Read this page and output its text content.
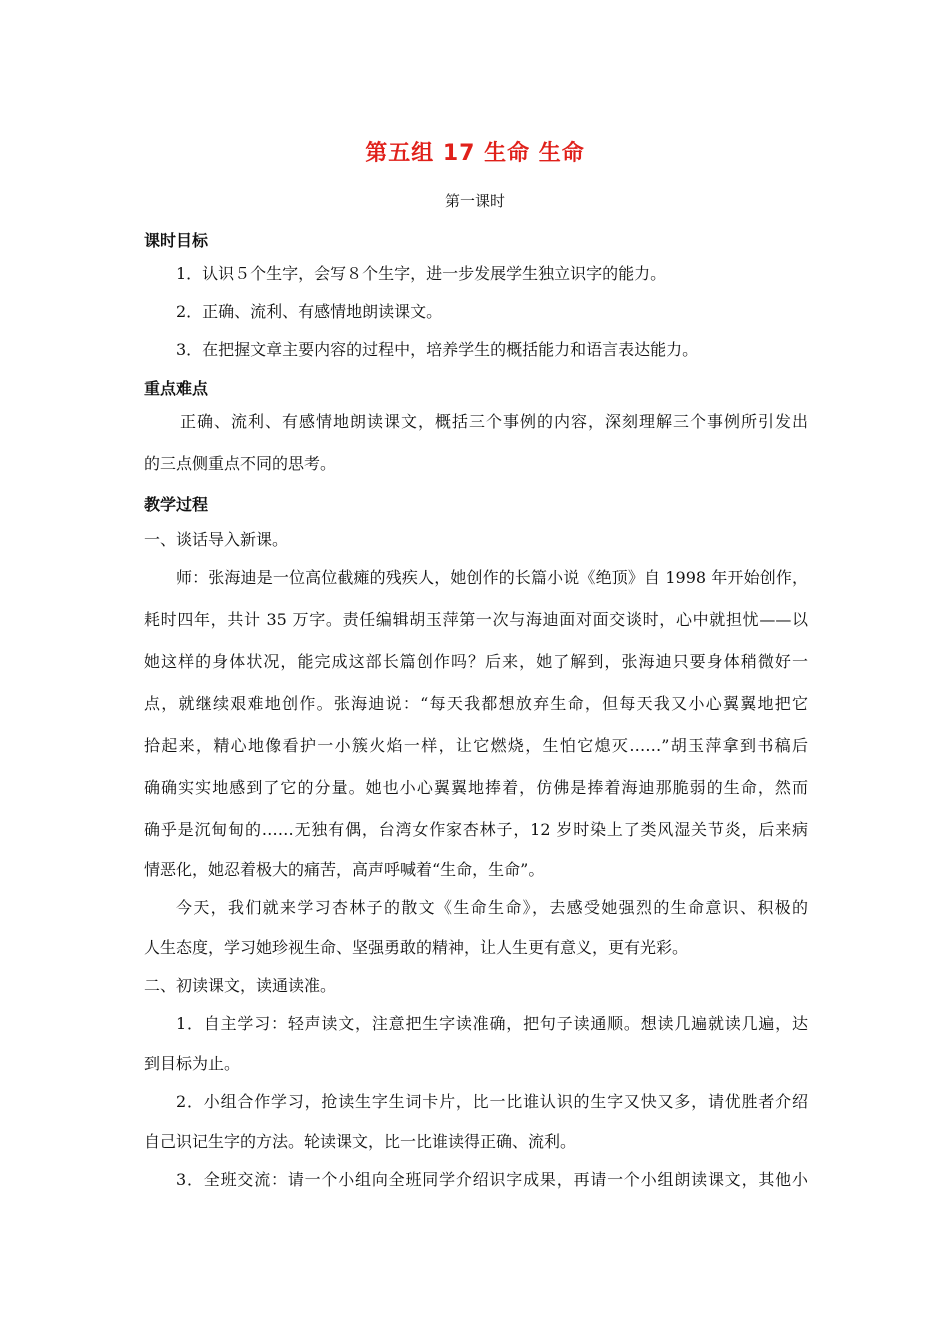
第五组 17 生命 生命
第一课时
课时目标
1．认识５个生字，会写８个生字，进一步发展学生独立识字的能力。
2．正确、流利、有感情地朗读课文。
3．在把握文章主要内容的过程中，培养学生的概括能力和语言表达能力。
重点难点
正确、流利、有感情地朗读课文，概括三个事例的内容，深刻理解三个事例所引发出
的三点侧重点不同的思考。
教学过程
一、谈话导入新课。
师：张海迪是一位高位截瘫的残疾人，她创作的长篇小说《绝顶》自 1998 年开始创作，
耗时四年，共计 35 万字。责任编辑胡玉萍第一次与海迪面对面交谈时，心中就担忧——以
她这样的身体状况，能完成这部长篇创作吗？后来，她了解到，张海迪只要身体稍微好一
点，就继续艰难地创作。张海迪说：“每天我都想放弃生命，但每天我又小心翼翼地把它
拾起来，精心地像看护一小簇火焰一样，让它燃烧，生怕它熄灭……”胡玉萍拿到书稿后
确确实实地感到了它的分量。她也小心翼翼地捧着，仿佛是捧着海迪那脆弱的生命，然而
确乎是沉甸甸的……无独有偶，台湾女作家杏林子，12 岁时染上了类风湿关节炎，后来病
情恶化，她忍着极大的痛苦，高声呼喊着“生命，生命”。
今天，我们就来学习杏林子的散文《生命生命》，去感受她强烈的生命意识、积极的
人生态度，学习她珍视生命、坚强勇敢的精神，让人生更有意义，更有光彩。
二、初读课文，读通读准。
1．自主学习：轻声读文，注意把生字读准确，把句子读通顺。想读几遍就读几遍，达
到目标为止。
2．小组合作学习，抢读生字生词卡片，比一比谁认识的生字又快又多，请优胜者介绍
自己识记生字的方法。轮读课文，比一比谁读得正确、流利。
3．全班交流：请一个小组向全班同学介绍识字成果，再请一个小组朗读课文，其他小
